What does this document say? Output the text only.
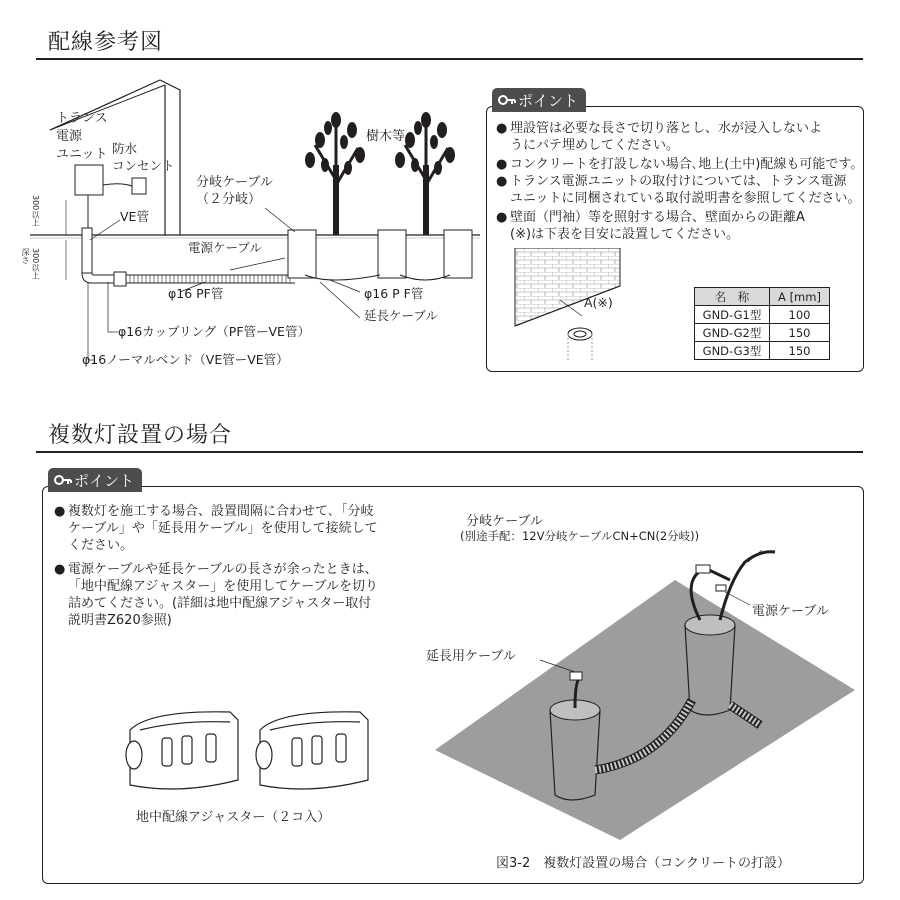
配線参考図
トランス
電源
ユニット 防水
コンセント
分岐ケーブル
（２分岐）
樹木等
VE管
電源ケーブル
φ16 PF管	φ16 P F管
延長ケーブル
φ16カップリング（PF管ーVE管）
φ16ノーマルベンド（VE管ーVE管）
300以上
深さ 300以上
ポイント
● 埋設管は必要な長さで切り落とし、水が浸入しないよ
うにパテ埋めしてください。
● コンクリートを打設しない場合､地上(土中)配線も可能です。
● トランス電源ユニットの取付けについては、トランス電源
ユニットに同梱されている取付説明書を参照してください。
● 壁面（門袖）等を照射する場合、壁面からの距離A
(※)は下表を目安に設置してください。
A(※)	名　称	A [mm]
GND-G1型	100
GND-G2型	150
GND-G3型	150
複数灯設置の場合
ポイント
● 複数灯を施工する場合、設置間隔に合わせて､「分岐
ケーブル」や「延長用ケーブル」を使用して接続して
ください。
● 電源ケーブルや延長ケーブルの長さが余ったときは、
「地中配線アジャスター」を使用してケーブルを切り
詰めてください。(詳細は地中配線アジャスター取付
説明書Z620参照)
地中配線アジャスター（２コ入）
分岐ケーブル
(別途手配：12V分岐ケーブルCN+CN(2分岐))
電源ケーブル
延長用ケーブル
図3-2　複数灯設置の場合（コンクリートの打設）
